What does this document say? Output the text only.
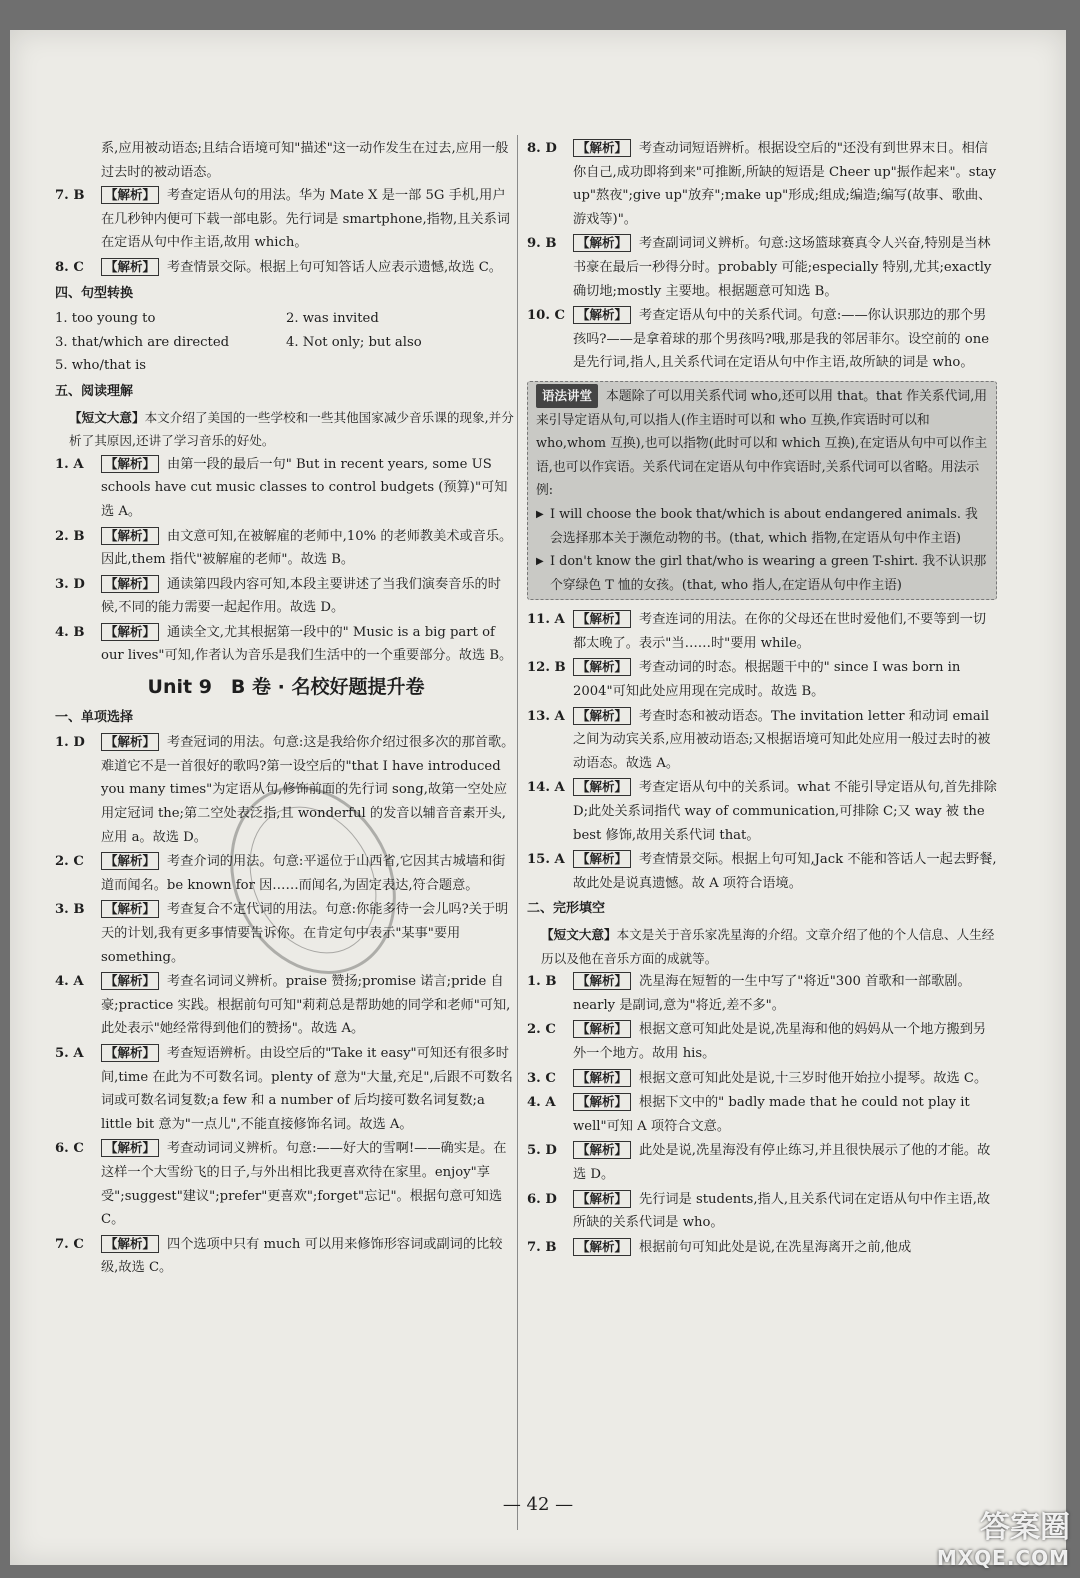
系,应用被动语态;且结合语境可知"描述"这一动作发生在过去,应用一般过去时的被动语态。
7. B 【解析】 考查定语从句的用法。华为 Mate X 是一部 5G 手机,用户在几秒钟内便可下载一部电影。先行词是 smartphone,指物,且关系词在定语从句中作主语,故用 which。
8. C 【解析】 考查情景交际。根据上句可知答话人应表示遗憾,故选 C。
四、句型转换
1. too young to	2. was invited
3. that/which are directed	4. Not only; but also
5. who/that is
五、阅读理解
【短文大意】本文介绍了美国的一些学校和一些其他国家减少音乐课的现象,并分析了其原因,还讲了学习音乐的好处。
1. A 【解析】 由第一段的最后一句" But in recent years, some US schools have cut music classes to control budgets (预算)"可知选 A。
2. B 【解析】 由文意可知,在被解雇的老师中,10% 的老师教美术或音乐。因此,them 指代"被解雇的老师"。故选 B。
3. D 【解析】 通读第四段内容可知,本段主要讲述了当我们演奏音乐的时候,不同的能力需要一起起作用。故选 D。
4. B 【解析】 通读全文,尤其根据第一段中的" Music is a big part of our lives"可知,作者认为音乐是我们生活中的一个重要部分。故选 B。
Unit 9　B 卷 · 名校好题提升卷
一、单项选择
1. D 【解析】 考查冠词的用法。句意:这是我给你介绍过很多次的那首歌。难道它不是一首很好的歌吗?第一设空后的"that I have introduced you many times"为定语从句,修饰前面的先行词 song,故第一空处应用定冠词 the;第二空处表泛指,且 wonderful 的发音以辅音音素开头,应用 a。故选 D。
2. C 【解析】 考查介词的用法。句意:平遥位于山西省,它因其古城墙和街道而闻名。be known for 因……而闻名,为固定表达,符合题意。
3. B 【解析】 考查复合不定代词的用法。句意:你能多待一会儿吗?关于明天的计划,我有更多事情要告诉你。在肯定句中表示"某事"要用 something。
4. A 【解析】 考查名词词义辨析。praise 赞扬;promise 诺言;pride 自豪;practice 实践。根据前句可知"莉莉总是帮助她的同学和老师"可知,此处表示"她经常得到他们的赞扬"。故选 A。
5. A 【解析】 考查短语辨析。由设空后的"Take it easy"可知还有很多时间,time 在此为不可数名词。plenty of 意为"大量,充足",后跟不可数名词或可数名词复数;a few 和 a number of 后均接可数名词复数;a little bit 意为"一点儿",不能直接修饰名词。故选 A。
6. C 【解析】 考查动词词义辨析。句意:——好大的雪啊!——确实是。在这样一个大雪纷飞的日子,与外出相比我更喜欢待在家里。enjoy"享受";suggest"建议";prefer"更喜欢";forget"忘记"。根据句意可知选 C。
7. C 【解析】 四个选项中只有 much 可以用来修饰形容词或副词的比较级,故选 C。
8. D 【解析】 考查动词短语辨析。根据设空后的"还没有到世界末日。相信你自己,成功即将到来"可推断,所缺的短语是 Cheer up"振作起来"。stay up"熬夜";give up"放弃";make up"形成;组成;编造;编写(故事、歌曲、游戏等)"。
9. B 【解析】 考查副词词义辨析。句意:这场篮球赛真令人兴奋,特别是当林书豪在最后一秒得分时。probably 可能;especially 特别,尤其;exactly 确切地;mostly 主要地。根据题意可知选 B。
10. C 【解析】 考查定语从句中的关系代词。句意:——你认识那边的那个男孩吗?——是拿着球的那个男孩吗?哦,那是我的邻居菲尔。设空前的 one 是先行词,指人,且关系代词在定语从句中作主语,故所缺的词是 who。
语法讲堂 本题除了可以用关系代词 who,还可以用 that。that 作关系代词,用来引导定语从句,可以指人(作主语时可以和 who 互换,作宾语时可以和 who,whom 互换),也可以指物(此时可以和 which 互换),在定语从句中可以作主语,也可以作宾语。关系代词在定语从句中作宾语时,关系代词可以省略。用法示例:
▶ I will choose the book that/which is about endangered animals. 我会选择那本关于濒危动物的书。(that, which 指物,在定语从句中作主语)
▶ I don't know the girl that/who is wearing a green T-shirt. 我不认识那个穿绿色 T 恤的女孩。(that, who 指人,在定语从句中作主语)
11. A 【解析】 考查连词的用法。在你的父母还在世时爱他们,不要等到一切都太晚了。表示"当……时"要用 while。
12. B 【解析】 考查动词的时态。根据题干中的" since I was born in 2004"可知此处应用现在完成时。故选 B。
13. A 【解析】 考查时态和被动语态。The invitation letter 和动词 email 之间为动宾关系,应用被动语态;又根据语境可知此处应用一般过去时的被动语态。故选 A。
14. A 【解析】 考查定语从句中的关系词。what 不能引导定语从句,首先排除 D;此处关系词指代 way of communication,可排除 C;又 way 被 the best 修饰,故用关系代词 that。
15. A 【解析】 考查情景交际。根据上句可知,Jack 不能和答话人一起去野餐,故此处是说真遗憾。故 A 项符合语境。
二、完形填空
【短文大意】本文是关于音乐家冼星海的介绍。文章介绍了他的个人信息、人生经历以及他在音乐方面的成就等。
1. B 【解析】 冼星海在短暂的一生中写了"将近"300 首歌和一部歌剧。nearly 是副词,意为"将近,差不多"。
2. C 【解析】 根据文意可知此处是说,冼星海和他的妈妈从一个地方搬到另外一个地方。故用 his。
3. C 【解析】 根据文意可知此处是说,十三岁时他开始拉小提琴。故选 C。
4. A 【解析】 根据下文中的" badly made that he could not play it well"可知 A 项符合文意。
5. D 【解析】 此处是说,冼星海没有停止练习,并且很快展示了他的才能。故选 D。
6. D 【解析】 先行词是 students,指人,且关系代词在定语从句中作主语,故所缺的关系代词是 who。
7. B 【解析】 根据前句可知此处是说,在冼星海离开之前,他成
— 42 —
答案圈
MXQE.COM
